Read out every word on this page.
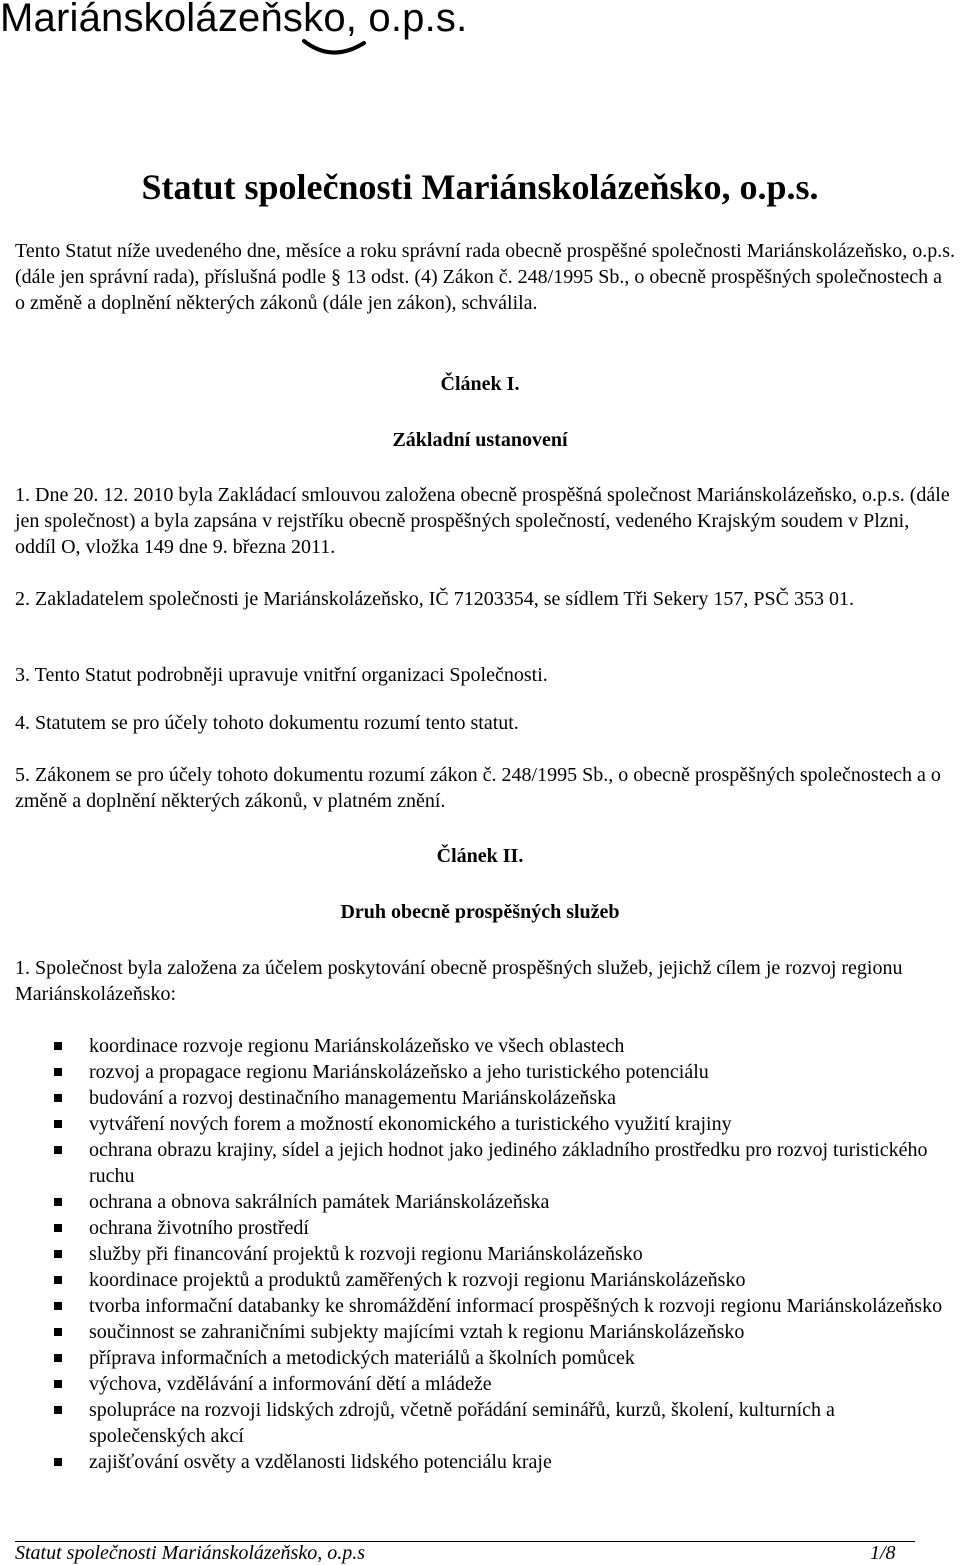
Mariánskolázeňsko, o.p.s.
Statut společnosti Mariánskolázeňsko, o.p.s.

Tento Statut níže uvedeného dne, měsíce a roku správní rada obecně prospěšné společnosti Mariánskolázeňsko, o.p.s. (dále jen správní rada), příslušná podle § 13 odst. (4) Zákon č. 248/1995 Sb., o obecně prospěšných společnostech a o změně a doplnění některých zákonů (dále jen zákon), schválila.

Článek I.
Základní ustanovení

1. Dne 20. 12. 2010 byla Zakládací smlouvou založena obecně prospěšná společnost Mariánskolázeňsko, o.p.s. (dále jen společnost) a byla zapsána v rejstříku obecně prospěšných společností, vedeného Krajským soudem v Plzni, oddíl O, vložka 149 dne 9. března 2011.

2. Zakladatelem společnosti je Mariánskolázeňsko, IČ 71203354, se sídlem Tři Sekery 157, PSČ 353 01.

3. Tento Statut podrobněji upravuje vnitřní organizaci Společnosti.

4. Statutem se pro účely tohoto dokumentu rozumí tento statut.

5. Zákonem se pro účely tohoto dokumentu rozumí zákon č. 248/1995 Sb., o obecně prospěšných společnostech a o změně a doplnění některých zákonů, v platném znění.

Článek II.
Druh obecně prospěšných služeb

1. Společnost byla založena za účelem poskytování obecně prospěšných služeb, jejichž cílem je rozvoj regionu Mariánskolázeňsko:

koordinace rozvoje regionu Mariánskolázeňsko ve všech oblastech
rozvoj a propagace regionu Mariánskolázeňsko a jeho turistického potenciálu
budování a rozvoj destinačního managementu Mariánskolázeňska
vytváření nových forem a možností ekonomického a turistického využití krajiny
ochrana obrazu krajiny, sídel a jejich hodnot jako jediného základního prostředku pro rozvoj turistického ruchu
ochrana a obnova sakrálních památek Mariánskolázeňska
ochrana životního prostředí
služby při financování projektů k rozvoji regionu Mariánskolázeňsko
koordinace projektů a produktů zaměřených k rozvoji regionu Mariánskolázeňsko
tvorba informační databanky ke shromáždění informací prospěšných k rozvoji regionu Mariánskolázeňsko
součinnost se zahraničními subjekty majícími vztah k regionu Mariánskolázeňsko
příprava informačních a metodických materiálů a školních pomůcek
výchova, vzdělávání a informování dětí a mládeže
spolupráce na rozvoji lidských zdrojů, včetně pořádání seminářů, kurzů, školení, kulturních a společenských akcí
zajišťování osvěty a vzdělanosti lidského potenciálu kraje
Statut společnosti Mariánskolázeňsko, o.p.s	1/8
